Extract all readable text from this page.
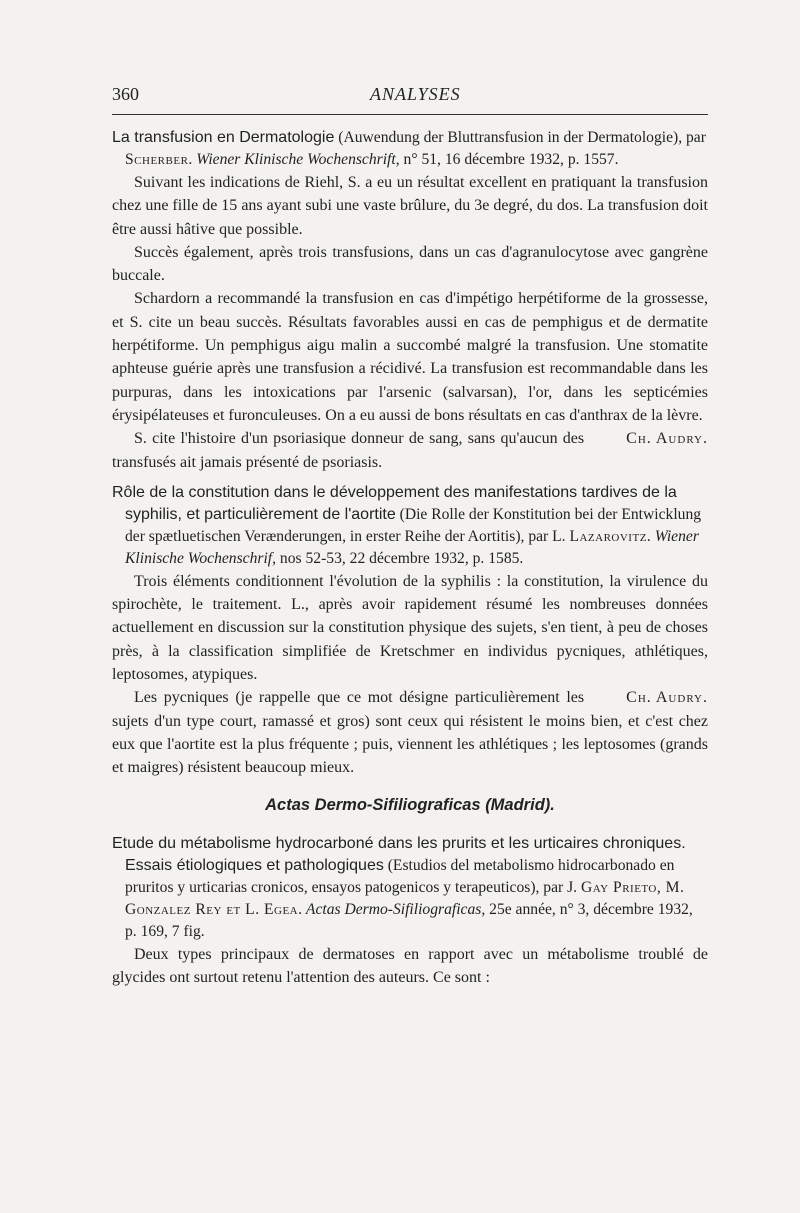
360	ANALYSES
La transfusion en Dermatologie (Auwendung der Bluttransfusion in der Dermatologie), par Scherber. Wiener Klinische Wochenschrift, n° 51, 16 décembre 1932, p. 1557.

Suivant les indications de Riehl, S. a eu un résultat excellent en pratiquant la transfusion chez une fille de 15 ans ayant subi une vaste brûlure, du 3e degré, du dos. La transfusion doit être aussi hâtive que possible.

Succès également, après trois transfusions, dans un cas d'agranulocytose avec gangrène buccale.

Schardorn a recommandé la transfusion en cas d'impétigo herpétiforme de la grossesse, et S. cite un beau succès. Résultats favorables aussi en cas de pemphigus et de dermatite herpétiforme. Un pemphigus aigu malin a succombé malgré la transfusion. Une stomatite aphteuse guérie après une transfusion a récidivé. La transfusion est recommandable dans les purpuras, dans les intoxications par l'arsenic (salvarsan), l'or, dans les septicémies érysipélateuses et furonculeuses. On a eu aussi de bons résultats en cas d'anthrax de la lèvre.

Ch. Audry.
S. cite l'histoire d'un psoriasique donneur de sang, sans qu'aucun des transfusés ait jamais présenté de psoriasis.

Rôle de la constitution dans le développement des manifestations tardives de la syphilis, et particulièrement de l'aortite (Die Rolle der Konstitution bei der Entwicklung der spætluetischen Verænderungen, in erster Reihe der Aortitis), par L. Lazarovitz. Wiener Klinische Wochenschrif, nos 52-53, 22 décembre 1932, p. 1585.

Trois éléments conditionnent l'évolution de la syphilis : la constitution, la virulence du spirochète, le traitement. L., après avoir rapidement résumé les nombreuses données actuellement en discussion sur la constitution physique des sujets, s'en tient, à peu de choses près, à la classification simplifiée de Kretschmer en individus pycniques, athlétiques, leptosomes, atypiques.

Ch. Audry.
Les pycniques (je rappelle que ce mot désigne particulièrement les sujets d'un type court, ramassé et gros) sont ceux qui résistent le moins bien, et c'est chez eux que l'aortite est la plus fréquente ; puis, viennent les athlétiques ; les leptosomes (grands et maigres) résistent beaucoup mieux.

Actas Dermo-Sifiliograficas (Madrid).
Etude du métabolisme hydrocarboné dans les prurits et les urticaires chroniques. Essais étiologiques et pathologiques (Estudios del metabolismo hidrocarbonado en pruritos y urticarias cronicos, ensayos patogenicos y terapeuticos), par J. Gay Prieto, M. Gonzalez Rey et L. Egea. Actas Dermo-Sifiliograficas, 25e année, n° 3, décembre 1932, p. 169, 7 fig.

Deux types principaux de dermatoses en rapport avec un métabolisme troublé de glycides ont surtout retenu l'attention des auteurs. Ce sont :
